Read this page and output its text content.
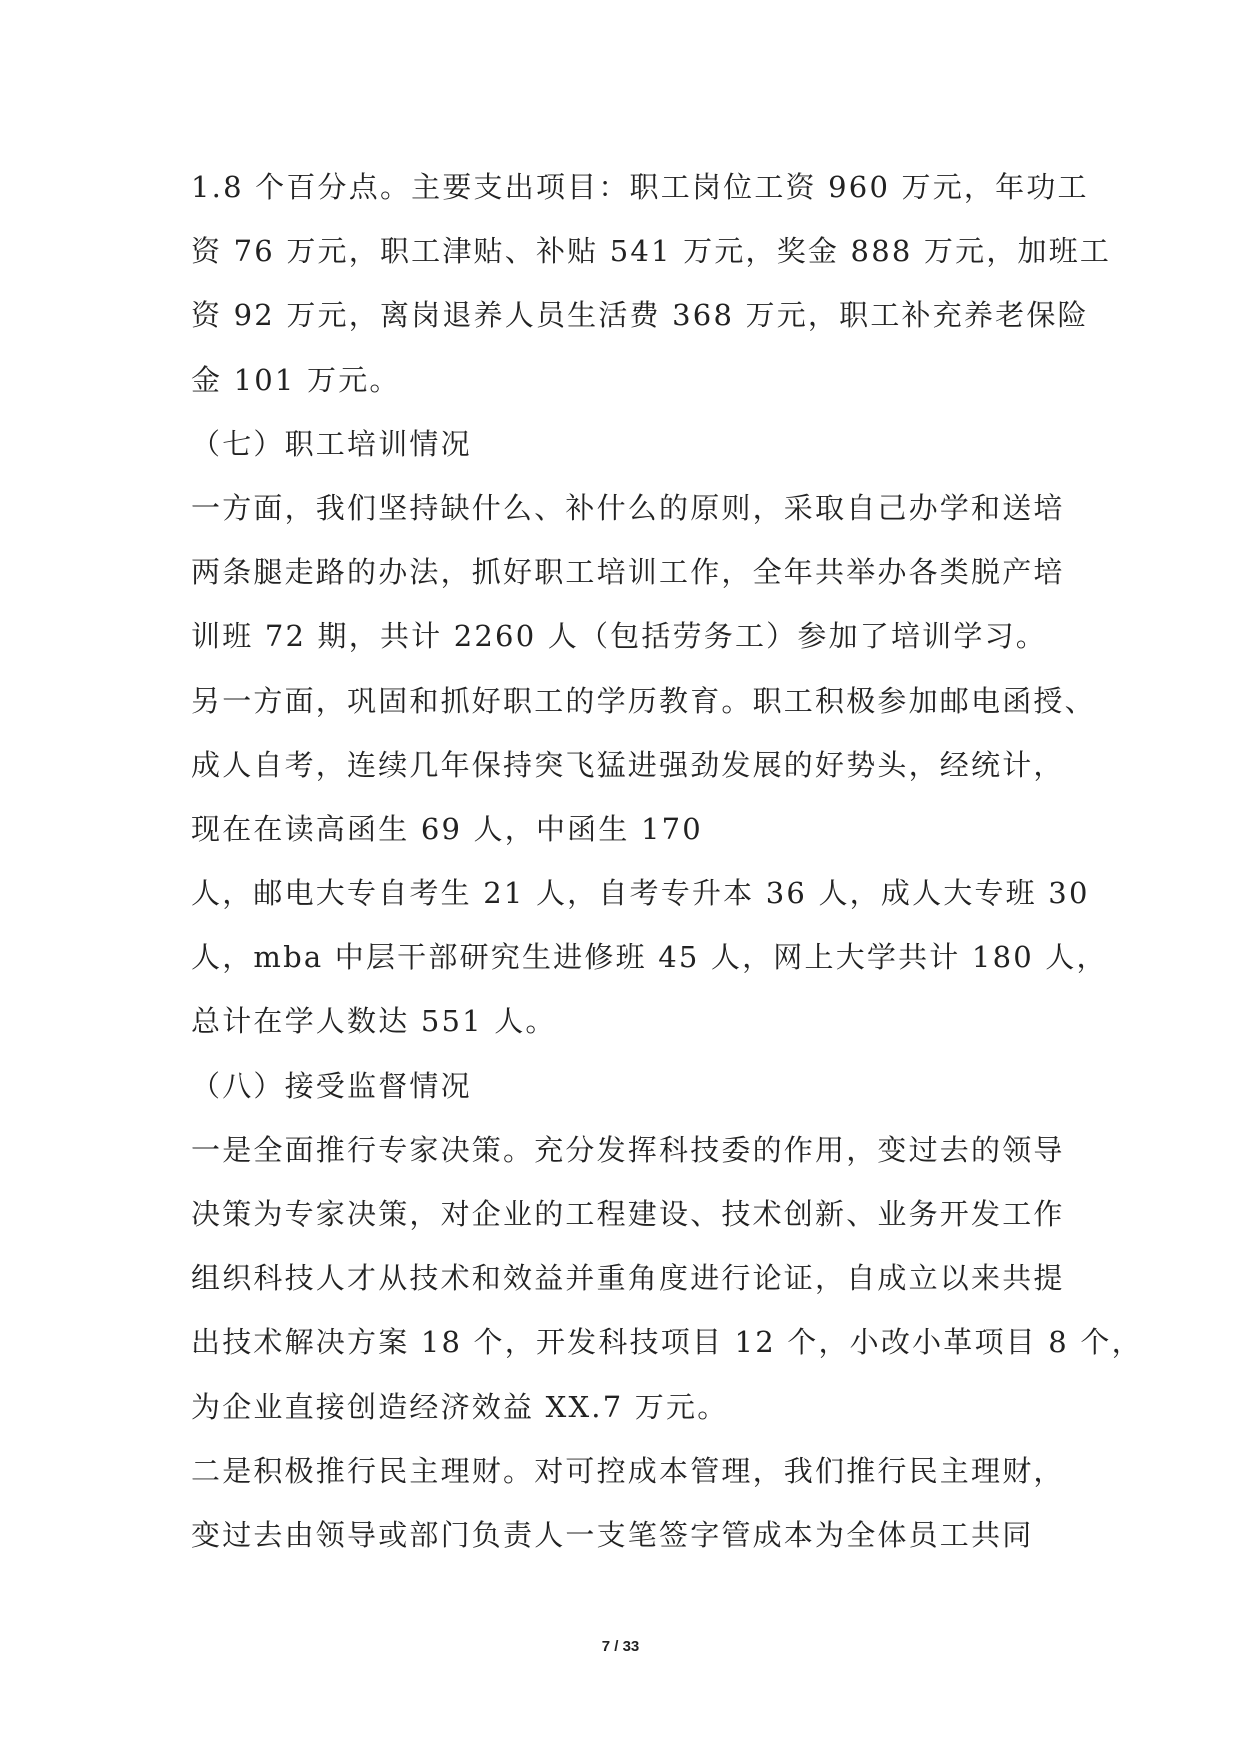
1.8 个百分点。主要支出项目：职工岗位工资 960 万元，年功工
资 76 万元，职工津贴、补贴 541 万元，奖金 888 万元，加班工
资 92 万元，离岗退养人员生活费 368 万元，职工补充养老保险
金 101 万元。
（七）职工培训情况
一方面，我们坚持缺什么、补什么的原则，采取自己办学和送培
两条腿走路的办法，抓好职工培训工作，全年共举办各类脱产培
训班 72 期，共计 2260 人（包括劳务工）参加了培训学习。
另一方面，巩固和抓好职工的学历教育。职工积极参加邮电函授、
成人自考，连续几年保持突飞猛进强劲发展的好势头，经统计，
现在在读高函生 69 人，中函生 170
人，邮电大专自考生 21 人，自考专升本 36 人，成人大专班 30
人，mba 中层干部研究生进修班 45 人，网上大学共计 180 人，
总计在学人数达 551 人。
（八）接受监督情况
一是全面推行专家决策。充分发挥科技委的作用，变过去的领导
决策为专家决策，对企业的工程建设、技术创新、业务开发工作
组织科技人才从技术和效益并重角度进行论证，自成立以来共提
出技术解决方案 18 个，开发科技项目 12 个，小改小革项目 8 个，
为企业直接创造经济效益 XX.7 万元。
二是积极推行民主理财。对可控成本管理，我们推行民主理财，
变过去由领导或部门负责人一支笔签字管成本为全体员工共同
7 / 33
